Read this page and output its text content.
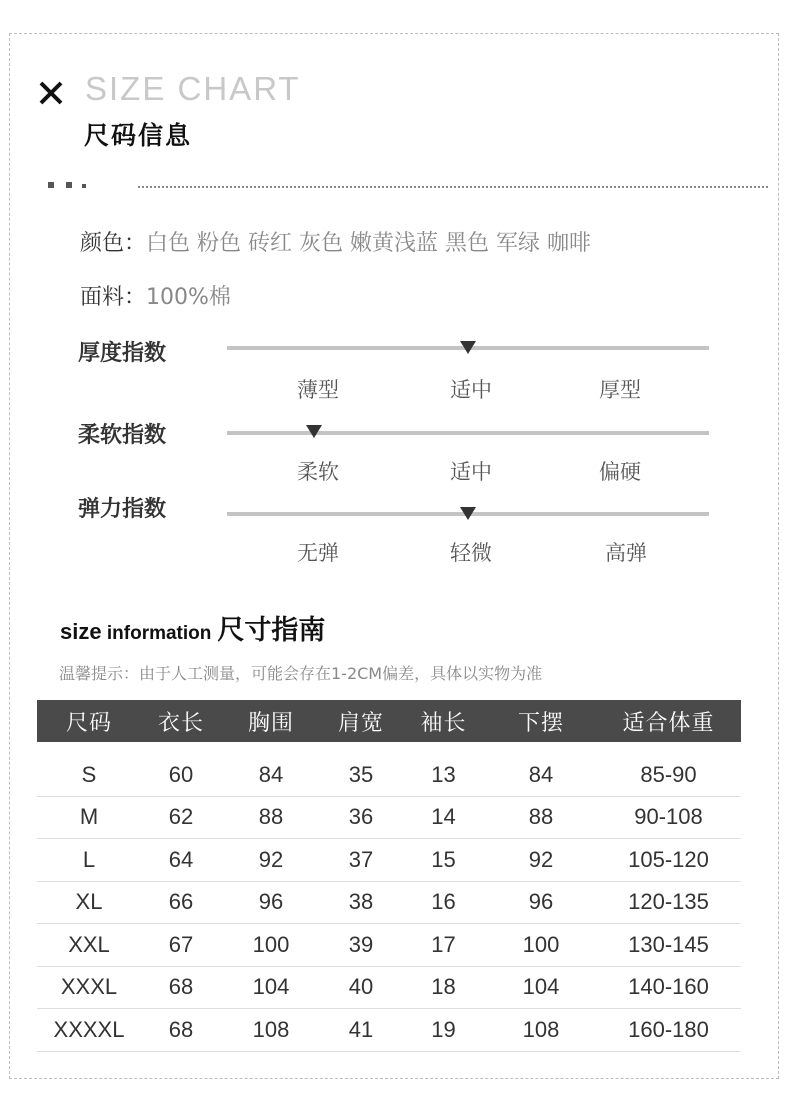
SIZE CHART
尺码信息
颜色：白色 粉色 砖红 灰色 嫩黄浅蓝 黑色 军绿 咖啡
面料：100%棉
厚度指数
薄型	适中	厚型
柔软指数
柔软	适中	偏硬
弹力指数
无弹	轻微	高弹
size information 尺寸指南
温馨提示：由于人工测量，可能会存在1-2CM偏差，具体以实物为准
尺码	衣长	胸围	肩宽	袖长	下摆	适合体重
S	60	84	35	13	84	85-90
M	62	88	36	14	88	90-108
L	64	92	37	15	92	105-120
XL	66	96	38	16	96	120-135
XXL	67	100	39	17	100	130-145
XXXL	68	104	40	18	104	140-160
XXXXL	68	108	41	19	108	160-180
